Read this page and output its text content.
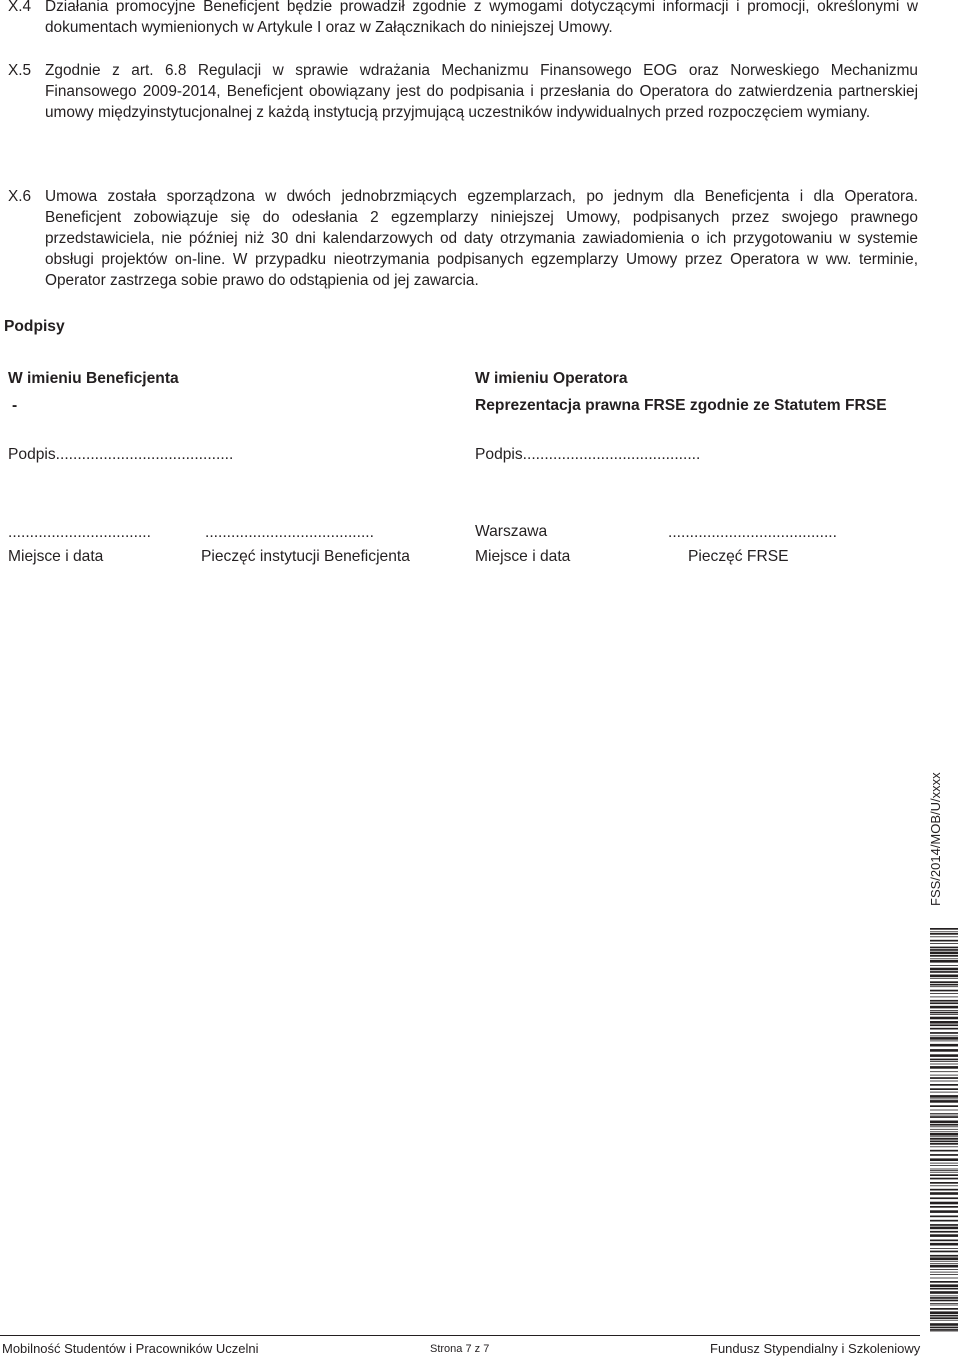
X.4 Działania promocyjne Beneficjent będzie prowadził zgodnie z wymogami dotyczącymi informacji i promocji, określonymi w dokumentach wymienionych w Artykule I oraz w Załącznikach do niniejszej Umowy.
X.5 Zgodnie z art. 6.8 Regulacji w sprawie wdrażania Mechanizmu Finansowego EOG oraz Norweskiego Mechanizmu Finansowego 2009-2014, Beneficjent obowiązany jest do podpisania i przesłania do Operatora do zatwierdzenia partnerskiej umowy międzyinstytucjonalnej z każdą instytucją przyjmującą uczestników indywidualnych przed rozpoczęciem wymiany.
X.6 Umowa została sporządzona w dwóch jednobrzmiących egzemplarzach, po jednym dla Beneficjenta i dla Operatora. Beneficjent zobowiązuje się do odesłania 2 egzemplarzy niniejszej Umowy, podpisanych przez swojego prawnego przedstawiciela, nie później niż 30 dni kalendarzowych od daty otrzymania zawiadomienia o ich przygotowaniu w systemie obsługi projektów on-line. W przypadku nieotrzymania podpisanych egzemplarzy Umowy przez Operatora w ww. terminie, Operator zastrzega sobie prawo do odstąpienia od jej zawarcia.
Podpisy
W imieniu Beneficjenta	W imieniu Operatora
-	Reprezentacja prawna FRSE zgodnie ze Statutem FRSE
Podpis.........................................	Podpis.........................................
.................................	.......................................	Warszawa	.......................................
Miejsce i data	Pieczęć instytucji Beneficjenta	Miejsce i data	Pieczęć FRSE
FSS/2014/MOB/U/xxxx
Mobilność Studentów i Pracowników Uczelni	Strona 7 z 7	Fundusz Stypendialny i Szkoleniowy
